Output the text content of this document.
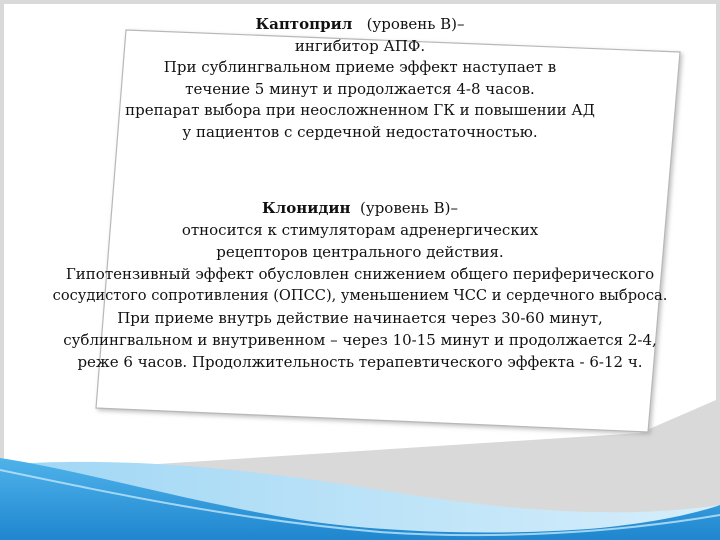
Каптоприл (уровень В)–
ингибитор АПФ.
При сублингвальном приеме эффект наступает в
течение 5 минут и продолжается 4-8 часов.
препарат выбора при неосложненном ГК и повышении АД
у пациентов с сердечной недостаточностью.
Клонидин (уровень В)–
относится к стимуляторам адренергических
рецепторов центрального действия.
Гипотензивный эффект обусловлен снижением общего периферического
сосудистого сопротивления (ОПСС), уменьшением ЧСС и сердечного выброса.
При приеме внутрь действие начинается через 30-60 минут,
сублингвальном и внутривенном – через 10-15 минут и продолжается 2-4,
реже 6 часов. Продолжительность терапевтического эффекта - 6-12 ч.
